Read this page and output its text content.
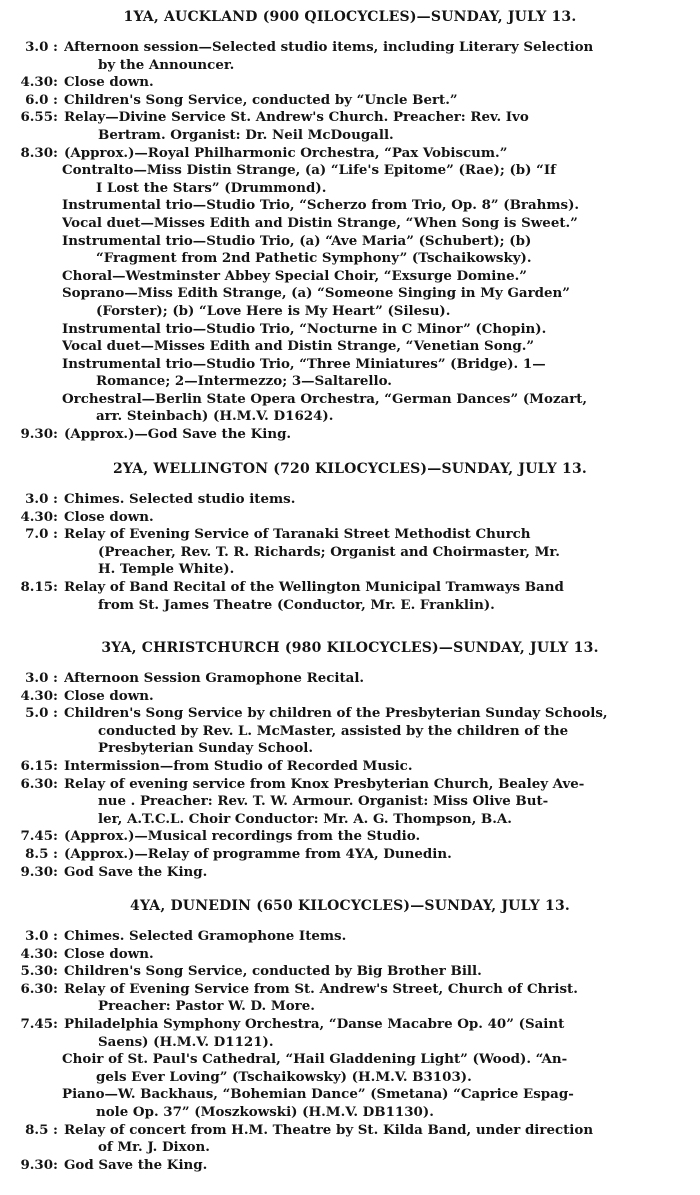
1YA, AUCKLAND (900 QILOCYCLES)—SUNDAY, JULY 13.
3.0 : Afternoon session—Selected studio items, including Literary Selection
by the Announcer.
4.30: Close down.
6.0 : Children's Song Service, conducted by “Uncle Bert.”
6.55: Relay—Divine Service St. Andrew's Church. Preacher: Rev. Ivo
Bertram. Organist: Dr. Neil McDougall.
8.30: (Approx.)—Royal Philharmonic Orchestra, “Pax Vobiscum.”
Contralto—Miss Distin Strange, (a) “Life's Epitome” (Rae); (b) “If
I Lost the Stars” (Drummond).
Instrumental trio—Studio Trio, “Scherzo from Trio, Op. 8” (Brahms).
Vocal duet—Misses Edith and Distin Strange, “When Song is Sweet.”
Instrumental trio—Studio Trio, (a) “Ave Maria” (Schubert); (b)
“Fragment from 2nd Pathetic Symphony” (Tschaikowsky).
Choral—Westminster Abbey Special Choir, “Exsurge Domine.”
Soprano—Miss Edith Strange, (a) “Someone Singing in My Garden”
(Forster); (b) “Love Here is My Heart” (Silesu).
Instrumental trio—Studio Trio, “Nocturne in C Minor” (Chopin).
Vocal duet—Misses Edith and Distin Strange, “Venetian Song.”
Instrumental trio—Studio Trio, “Three Miniatures” (Bridge). 1—
Romance; 2—Intermezzo; 3—Saltarello.
Orchestral—Berlin State Opera Orchestra, “German Dances” (Mozart,
arr. Steinbach) (H.M.V. D1624).
9.30: (Approx.)—God Save the King.
2YA, WELLINGTON (720 KILOCYCLES)—SUNDAY, JULY 13.
3.0 : Chimes. Selected studio items.
4.30: Close down.
7.0 : Relay of Evening Service of Taranaki Street Methodist Church
(Preacher, Rev. T. R. Richards; Organist and Choirmaster, Mr.
H. Temple White).
8.15: Relay of Band Recital of the Wellington Municipal Tramways Band
from St. James Theatre (Conductor, Mr. E. Franklin).
3YA, CHRISTCHURCH (980 KILOCYCLES)—SUNDAY, JULY 13.
3.0 : Afternoon Session Gramophone Recital.
4.30: Close down.
5.0 : Children's Song Service by children of the Presbyterian Sunday Schools,
conducted by Rev. L. McMaster, assisted by the children of the
Presbyterian Sunday School.
6.15: Intermission—from Studio of Recorded Music.
6.30: Relay of evening service from Knox Presbyterian Church, Bealey Ave-
nue . Preacher: Rev. T. W. Armour. Organist: Miss Olive But-
ler, A.T.C.L. Choir Conductor: Mr. A. G. Thompson, B.A.
7.45: (Approx.)—Musical recordings from the Studio.
8.5 : (Approx.)—Relay of programme from 4YA, Dunedin.
9.30: God Save the King.
4YA, DUNEDIN (650 KILOCYCLES)—SUNDAY, JULY 13.
3.0 : Chimes. Selected Gramophone Items.
4.30: Close down.
5.30: Children's Song Service, conducted by Big Brother Bill.
6.30: Relay of Evening Service from St. Andrew's Street, Church of Christ.
Preacher: Pastor W. D. More.
7.45: Philadelphia Symphony Orchestra, “Danse Macabre Op. 40” (Saint
Saens) (H.M.V. D1121).
Choir of St. Paul's Cathedral, “Hail Gladdening Light” (Wood). “An-
gels Ever Loving” (Tschaikowsky) (H.M.V. B3103).
Piano—W. Backhaus, “Bohemian Dance” (Smetana) “Caprice Espag-
nole Op. 37” (Moszkowski) (H.M.V. DB1130).
8.5 : Relay of concert from H.M. Theatre by St. Kilda Band, under direction
of Mr. J. Dixon.
9.30: God Save the King.
